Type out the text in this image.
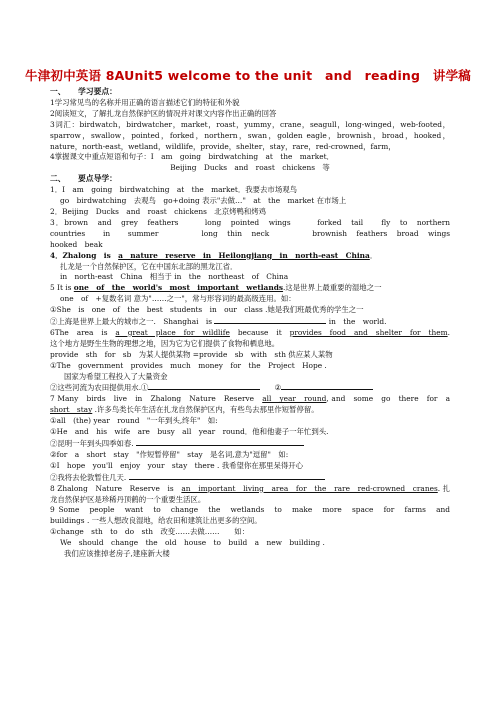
牛津初中英语 8AUnit5 welcome to the unit　and　reading　讲学稿
一、 学习要点：
1学习常见鸟的名称并用正确的语言描述它们的特征和外貌
2阅读短文，了解扎龙自然保护区的情况并对课文内容作出正确的回答
3词汇：birdwatch，birdwatcher，market，roast，yummy，crane，seagull，long-winged，web-footed，
sparrow，swallow，pointed，forked，northern，swan，golden eagle，brownish，broad，hooked，
nature，north-east，wetland，wildlife，provide，shelter，stay，rare，red-crowned，farm，
4掌握课文中重点短语和句子：I　am　going　birdwatching　at　the　market．
Beijing　Ducks　and　roast　chickens　等
二、 要点导学：
1．I　am　going　birdwatching　at　the　market．我要去市场观鸟
go　birdwatching　去观鸟　go+doing 表示"去做…"　at　the　market 在市场上
2．Beijing　Ducks　and　roast　chickens　北京烤鸭和烤鸡
3．brown　and　grey　feathers　　　long　pointed　wings　　　forked　tail　　fly　to　northern
countries　　in　　summer　　　　　long　thin　neck　　　　　brownish　feathers　broad　wings
hooked　beak
4．Zhalong　is　a　nature　reserve　in　Heilongjiang　in　north-east　China．
扎龙是一个自然保护区，它在中国东北部的黑龙江省．
in　north-east　China　相当于 in　the　northeast　of　China
5 It is one　of　the　world's　most　important　wetlands.这是世界上最重要的湿地之一
one　of　+复数名词 意为"……之一"，常与形容词的最高级连用。如：
①She　is　one　of　the　best　students　in　our　class .她是我们班最优秀的学生之一
②上海是世界上最大的城市之一.　Shanghai　is	in　the　world.
6The　area　is　a　great　place　for　wildlife　because　it　provides　food　and　shelter　for　them.
这个地方是野生生物的理想之地，因为它为它们提供了食物和栖息地。
provide　sth　for　sb　为某人提供某物 =provide　sb　with　sth 供应某人某物
①The　government　provides　much　money　for　the　Project　Hope .
国家为希望工程投入了大量资金
②这些河流为农田提供用水.①	②
7 Many　birds　live　in　Zhalong　Nature　Reserve　all　year　round, and　some　go　there　for　a
short　stay .许多鸟类长年生活在扎龙自然保护区内，有些鸟去那里作短暂停留。
①all　(the) year　round　"一年到头,终年"　如:
①He　and　his　wife　are　busy　all　year　round．他和他妻子一年忙到头.
②昆明一年到头四季如春.
②for　a　short　stay　"作短暂停留"　stay　是名词,意为"逗留"　如:
①I　hope　you'll　enjoy　your　stay　there . 我希望你在那里呆得开心
②我将去伦敦暂住几天.
8 Zhalong　Nature　Reserve　is　an　important　living　area　for　the　rare　red-crowned　cranes. 扎
龙自然保护区是珍稀丹顶鹤的一个重要生活区。
9 Some　people　want　to　change　the　wetlands　to　make　more　space　for　farms　and
buildings . 一些人想改良湿地，给农田和建筑让出更多的空间。
①change　sth　to　do　sth　改变……去做……　　如：
We　should　change　the　old　house　to　build　a　new　building .
我们应该推掉老房子,建座新大楼
